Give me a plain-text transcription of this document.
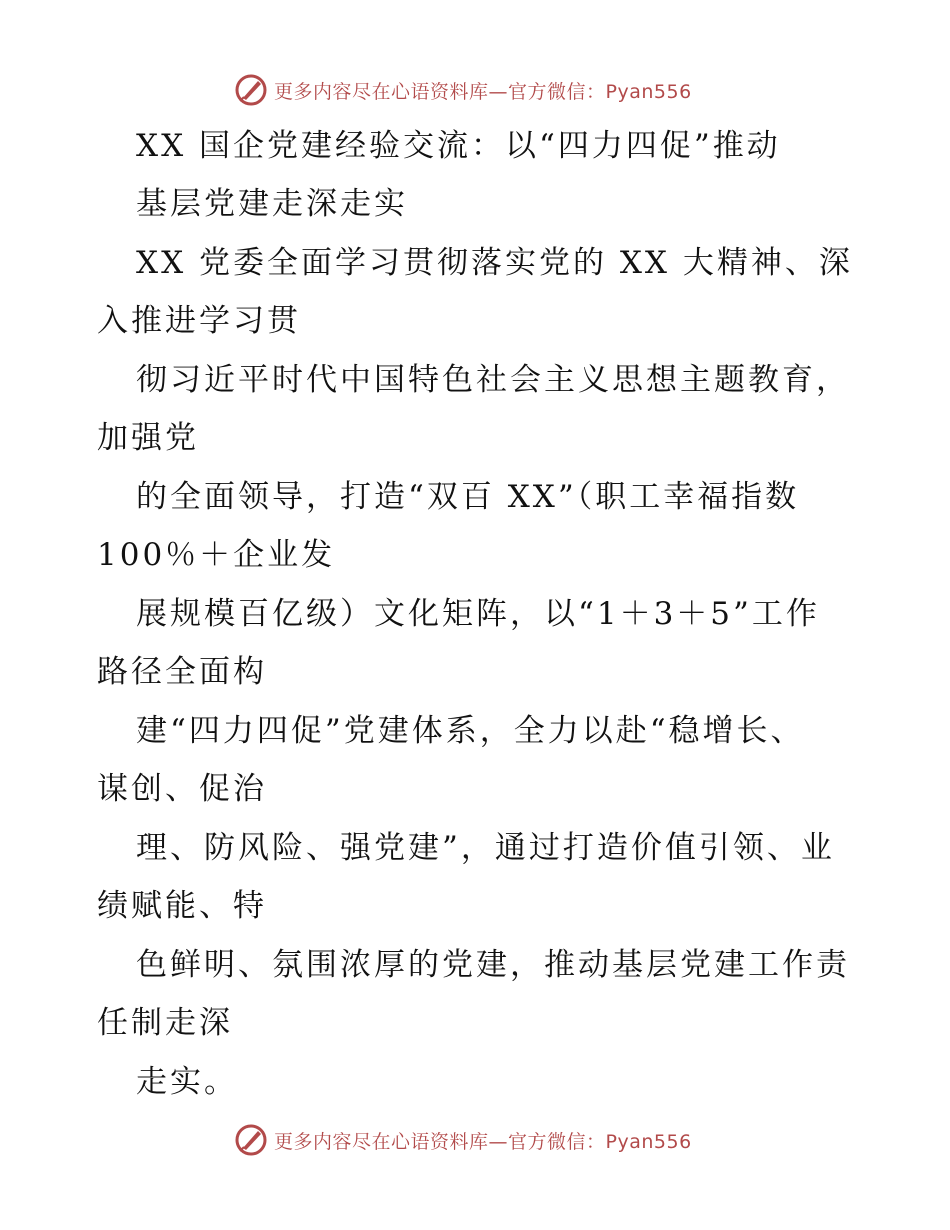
更多内容尽在心语资料库—官方微信：Pyan556
XX 国企党建经验交流：以“四力四促”推动
基层党建走深走实
XX 党委全面学习贯彻落实党的 XX 大精神、深
入推进学习贯
彻习近平时代中国特色社会主义思想主题教育，
加强党
的全面领导，打造“双百 XX”（职工幸福指数
100％＋企业发
展规模百亿级）文化矩阵，以“1＋3＋5”工作
路径全面构
建“四力四促”党建体系，全力以赴“稳增长、
谋创、促治
理、防风险、强党建”，通过打造价值引领、业
绩赋能、特
色鲜明、氛围浓厚的党建，推动基层党建工作责
任制走深
走实。
更多内容尽在心语资料库—官方微信：Pyan556
